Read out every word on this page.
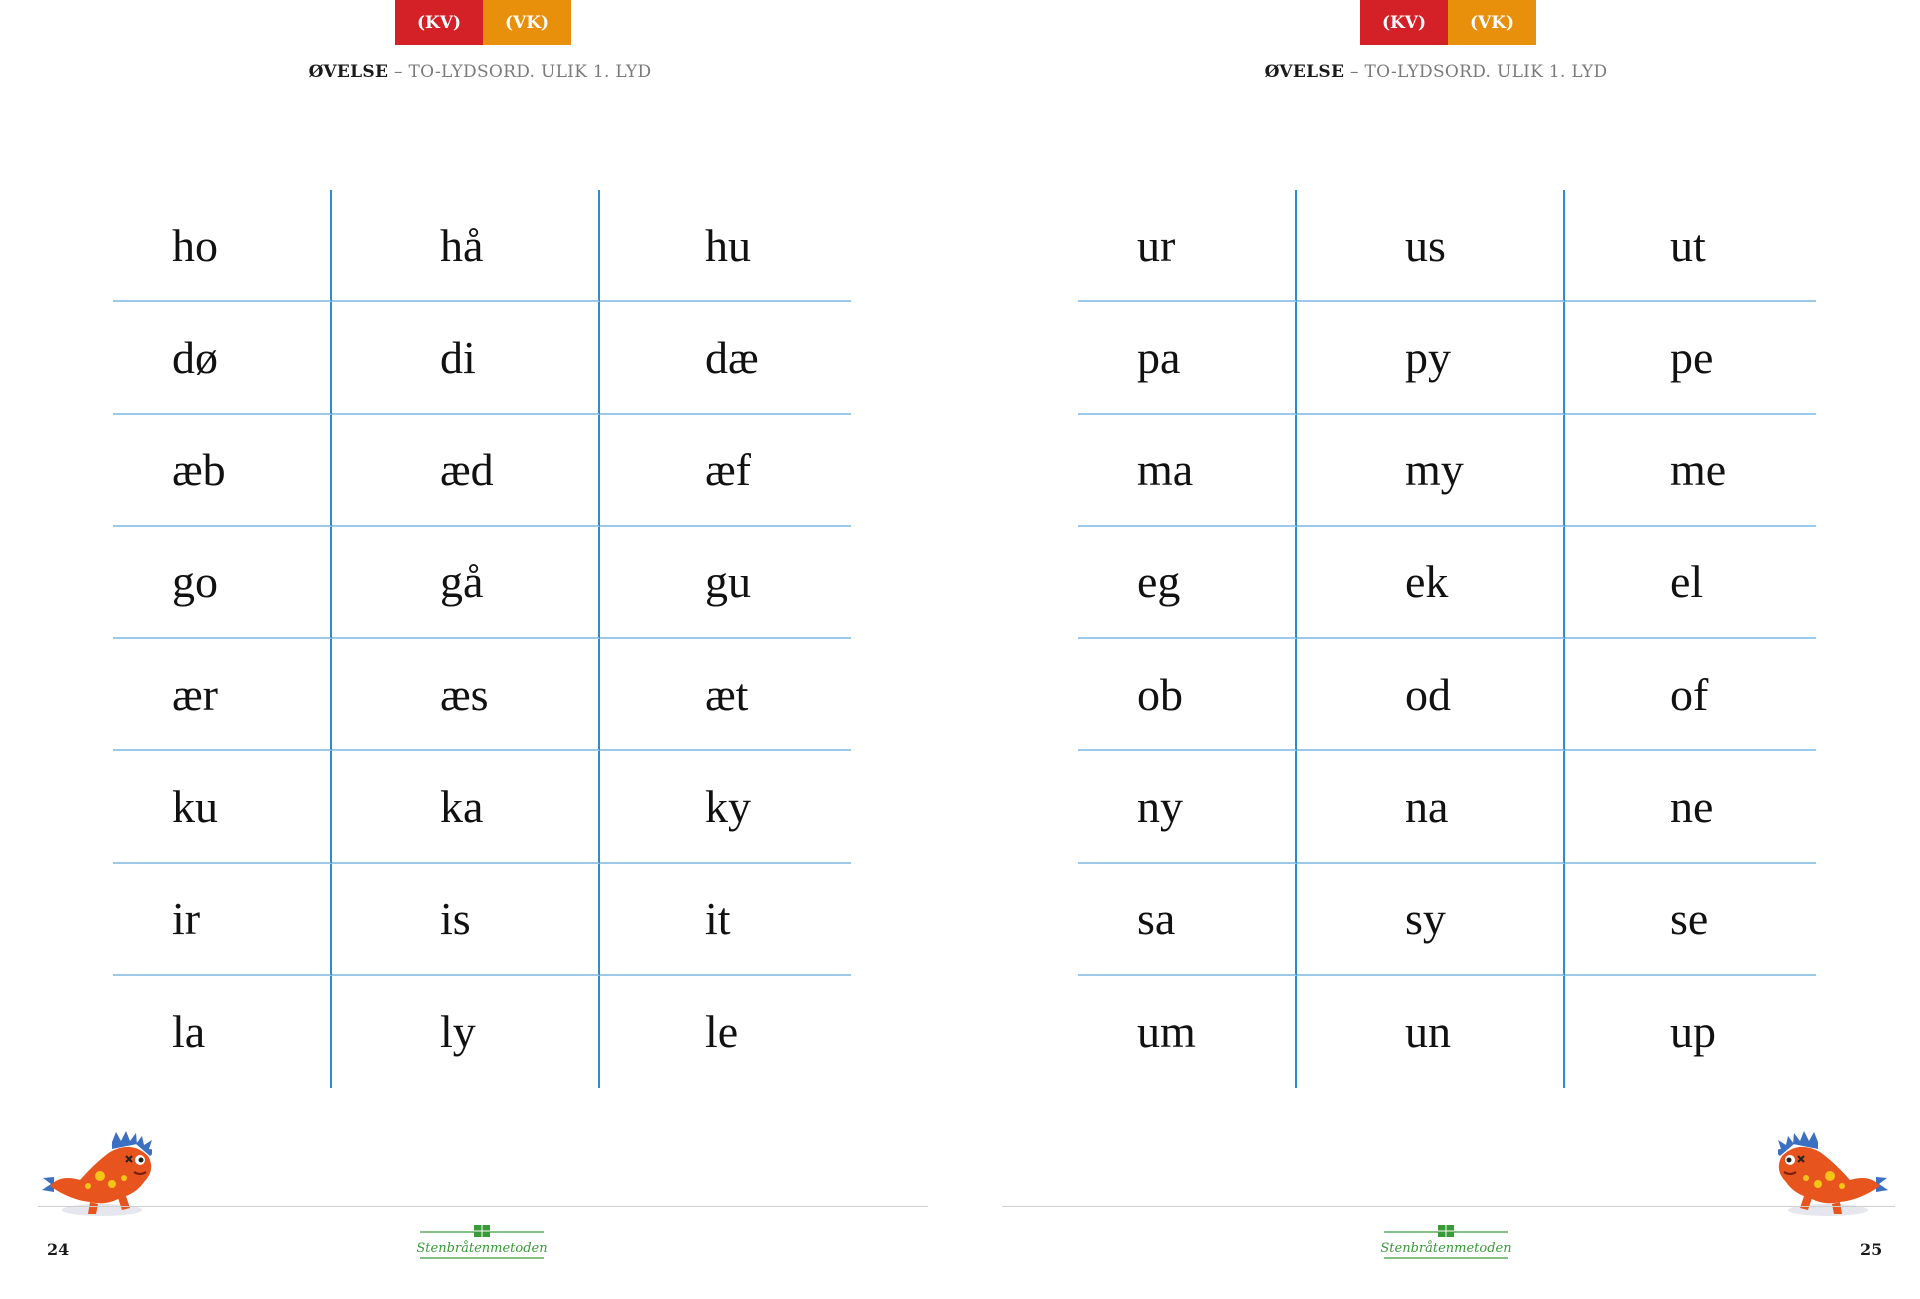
(KV)	(VK)
ØVELSE – TO-LYDSORD. ULIK 1. LYD
ho	hå	hu
dø	di	dæ
æb	æd	æf
go	gå	gu
ær	æs	æt
ku	ka	ky
ir	is	it
la	ly	le
24	Stenbråtenmetoden
(KV)	(VK)
ØVELSE – TO-LYDSORD. ULIK 1. LYD
ur	us	ut
pa	py	pe
ma	my	me
eg	ek	el
ob	od	of
ny	na	ne
sa	sy	se
um	un	up
25
Stenbråtenmetoden
